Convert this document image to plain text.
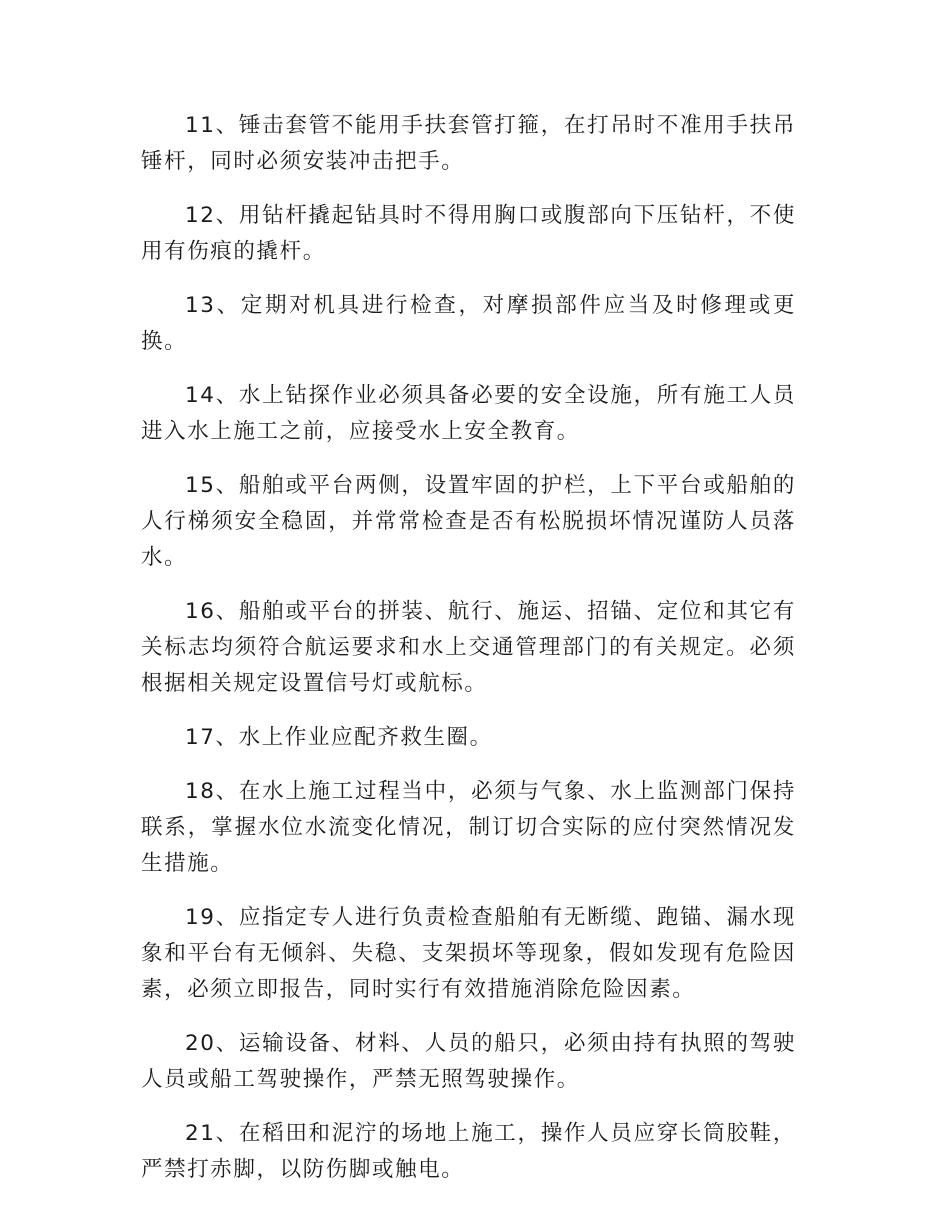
11、锤击套管不能用手扶套管打箍，在打吊时不准用手扶吊锤杆，同时必须安装冲击把手。

12、用钻杆撬起钻具时不得用胸口或腹部向下压钻杆，不使用有伤痕的撬杆。

13、定期对机具进行检查，对摩损部件应当及时修理或更换。

14、水上钻探作业必须具备必要的安全设施，所有施工人员进入水上施工之前，应接受水上安全教育。

15、船舶或平台两侧，设置牢固的护栏，上下平台或船舶的人行梯须安全稳固，并常常检查是否有松脱损坏情况谨防人员落水。

16、船舶或平台的拼装、航行、施运、招锚、定位和其它有关标志均须符合航运要求和水上交通管理部门的有关规定。必须根据相关规定设置信号灯或航标。

17、水上作业应配齐救生圈。

18、在水上施工过程当中，必须与气象、水上监测部门保持联系，掌握水位水流变化情况，制订切合实际的应付突然情况发生措施。

19、应指定专人进行负责检查船舶有无断缆、跑锚、漏水现象和平台有无倾斜、失稳、支架损坏等现象，假如发现有危险因素，必须立即报告，同时实行有效措施消除危险因素。

20、运输设备、材料、人员的船只，必须由持有执照的驾驶人员或船工驾驶操作，严禁无照驾驶操作。

21、在稻田和泥泞的场地上施工，操作人员应穿长筒胶鞋，严禁打赤脚，以防伤脚或触电。
